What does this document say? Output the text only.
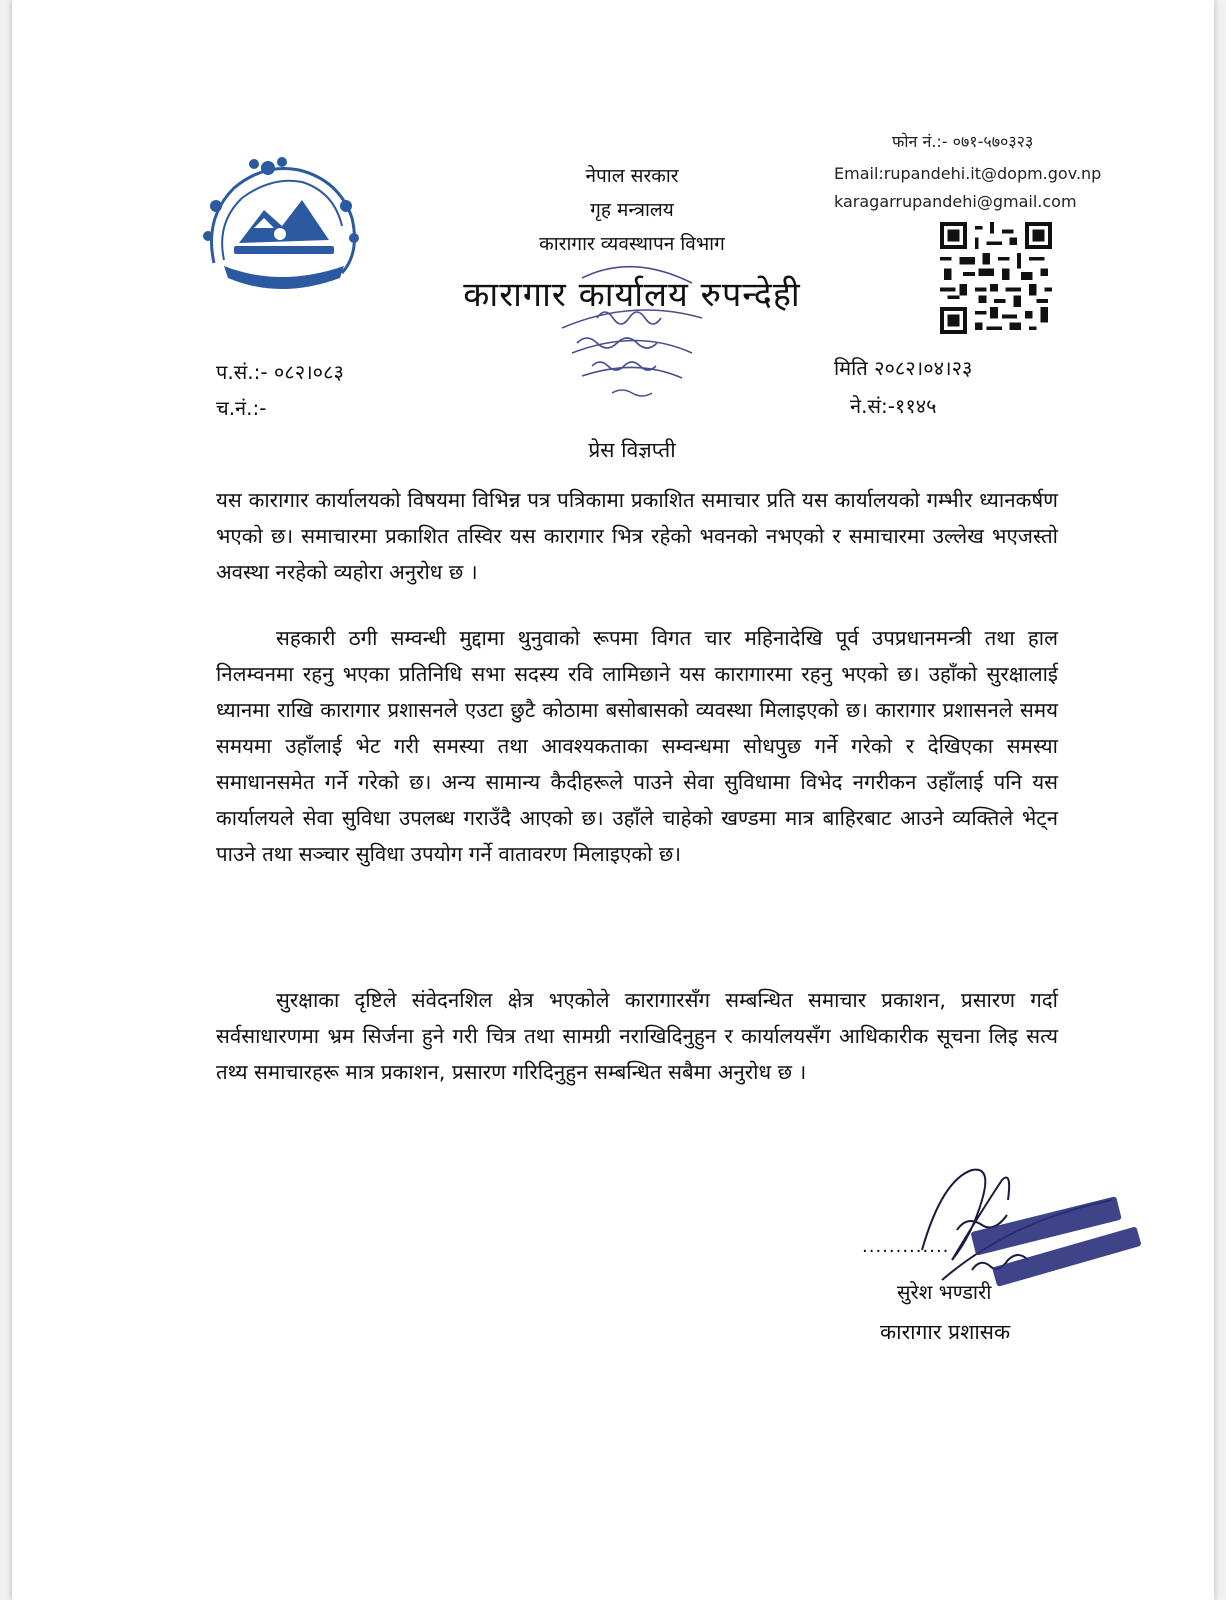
नेपाल सरकार
गृह मन्त्रालय
कारागार व्यवस्थापन विभाग
कारागार कार्यालय रुपन्देही
फोन नं.:- ०७१-५७०३२३
Email:rupandehi.it@dopm.gov.np
karagarrupandehi@gmail.com
प.सं.:- ०८२।०८३
च.नं.:-
मिति २०८२।०४।२३
ने.सं:-११४५
प्रेस विज्ञप्ती
यस कारागार कार्यालयको विषयमा विभिन्न पत्र पत्रिकामा प्रकाशित समाचार प्रति यस कार्यालयको गम्भीर ध्यानकर्षण भएको छ। समाचारमा प्रकाशित तस्विर यस कारागार भित्र रहेको भवनको नभएको र समाचारमा उल्लेख भएजस्तो अवस्था नरहेको व्यहोरा अनुरोध छ ।
सहकारी ठगी सम्वन्धी मुद्दामा थुनुवाको रूपमा विगत चार महिनादेखि पूर्व उपप्रधानमन्त्री तथा हाल निलम्वनमा रहनु भएका प्रतिनिधि सभा सदस्य रवि लामिछाने यस कारागारमा रहनु भएको छ। उहाँको सुरक्षालाई ध्यानमा राखि कारागार प्रशासनले एउटा छुटै कोठामा बसोबासको व्यवस्था मिलाइएको छ। कारागार प्रशासनले समय समयमा उहाँलाई भेट गरी समस्या तथा आवश्यकताका सम्वन्धमा सोधपुछ गर्ने गरेको र देखिएका समस्या समाधानसमेत गर्ने गरेको छ। अन्य सामान्य कैदीहरूले पाउने सेवा सुविधामा विभेद नगरीकन उहाँलाई पनि यस कार्यालयले सेवा सुविधा उपलब्ध गराउँदै आएको छ। उहाँले चाहेको खण्डमा मात्र बाहिरबाट आउने व्यक्तिले भेट्न पाउने तथा सञ्चार सुविधा उपयोग गर्ने वातावरण मिलाइएको छ।
सुरक्षाका दृष्टिले संवेदनशिल क्षेत्र भएकोले कारागारसँग सम्बन्धित समाचार प्रकाशन, प्रसारण गर्दा सर्वसाधारणमा भ्रम सिर्जना हुने गरी चित्र तथा सामग्री नराखिदिनुहुन र कार्यालयसँग आधिकारीक सूचना लिइ सत्य तथ्य समाचारहरू मात्र प्रकाशन, प्रसारण गरिदिनुहुन सम्बन्धित सबैमा अनुरोध छ ।
.............
सुरेश भण्डारी
कारागार प्रशासक
